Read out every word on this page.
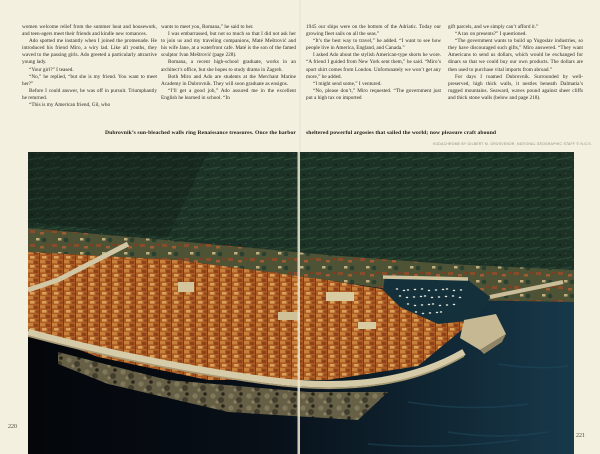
women welcome relief from the summer heat and housework, and teen-agers meet their friends and kindle new romances.

Ado spotted me instantly when I joined the promenade. He introduced his friend Miro, a wiry lad. Like all youths, they waved to the passing girls. Ado greeted a particularly attractive young lady.

“Your girl?” I teased.

“No,” he replied, “but she is my friend. You want to meet her?”

Before I could answer, he was off in pursuit. Triumphantly he returned.

“This is my American friend, Gil, who

wants to meet you, Romana,” he said to her.

I was embarrassed, but not so much so that I did not ask her to join us and my traveling companions, Maté Meštrović and his wife Jane, at a waterfront cafe. Maté is the son of the famed sculptor Ivan Meštrović (page 228).

Romana, a recent high-school graduate, works in an architect’s office, but she hopes to study drama in Zagreb.

Both Miro and Ado are students at the Merchant Marine Academy in Dubrovnik. They will soon graduate as ensigns.

“I’ll get a good job,” Ado assured me in the excellent English he learned in school. “In

1945 our ships were on the bottom of the Adriatic. Today our growing fleet sails on all the seas.”

“It’s the best way to travel,” he added. “I want to see how people live in America, England, and Canada.”

I asked Ado about the stylish American-type shorts he wore. “A friend I guided from New York sent them,” he said. “Miro’s sport shirt comes from London. Unfortunately we won’t get any more,” he added.

“I might send some,” I ventured.

“No, please don’t,” Miro requested. “The government just put a high tax on imported

gift parcels, and we simply can’t afford it.”

“A tax on presents?” I questioned.

“The government wants to build up Yugoslav industries, so they have discouraged such gifts,” Miro answered. “They want Americans to send us dollars, which would be exchanged for dinars so that we could buy our own products. The dollars are then used to purchase vital imports from abroad.”

For days I roamed Dubrovnik. Surrounded by well-preserved, high thick walls, it nestles beneath Dalmatia’s rugged mountains. Seaward, waves pound against sheer cliffs and thick stone walls (below and page 218).

Dubrovnik’s sun-bleached walls ring Renaissance treasures. Once the harbor sheltered powerful argosies that sailed the world; now pleasure craft abound
KODACHROME BY GILBERT M. GROSVENOR, NATIONAL GEOGRAPHIC STAFF © N.G.S.
220
221
